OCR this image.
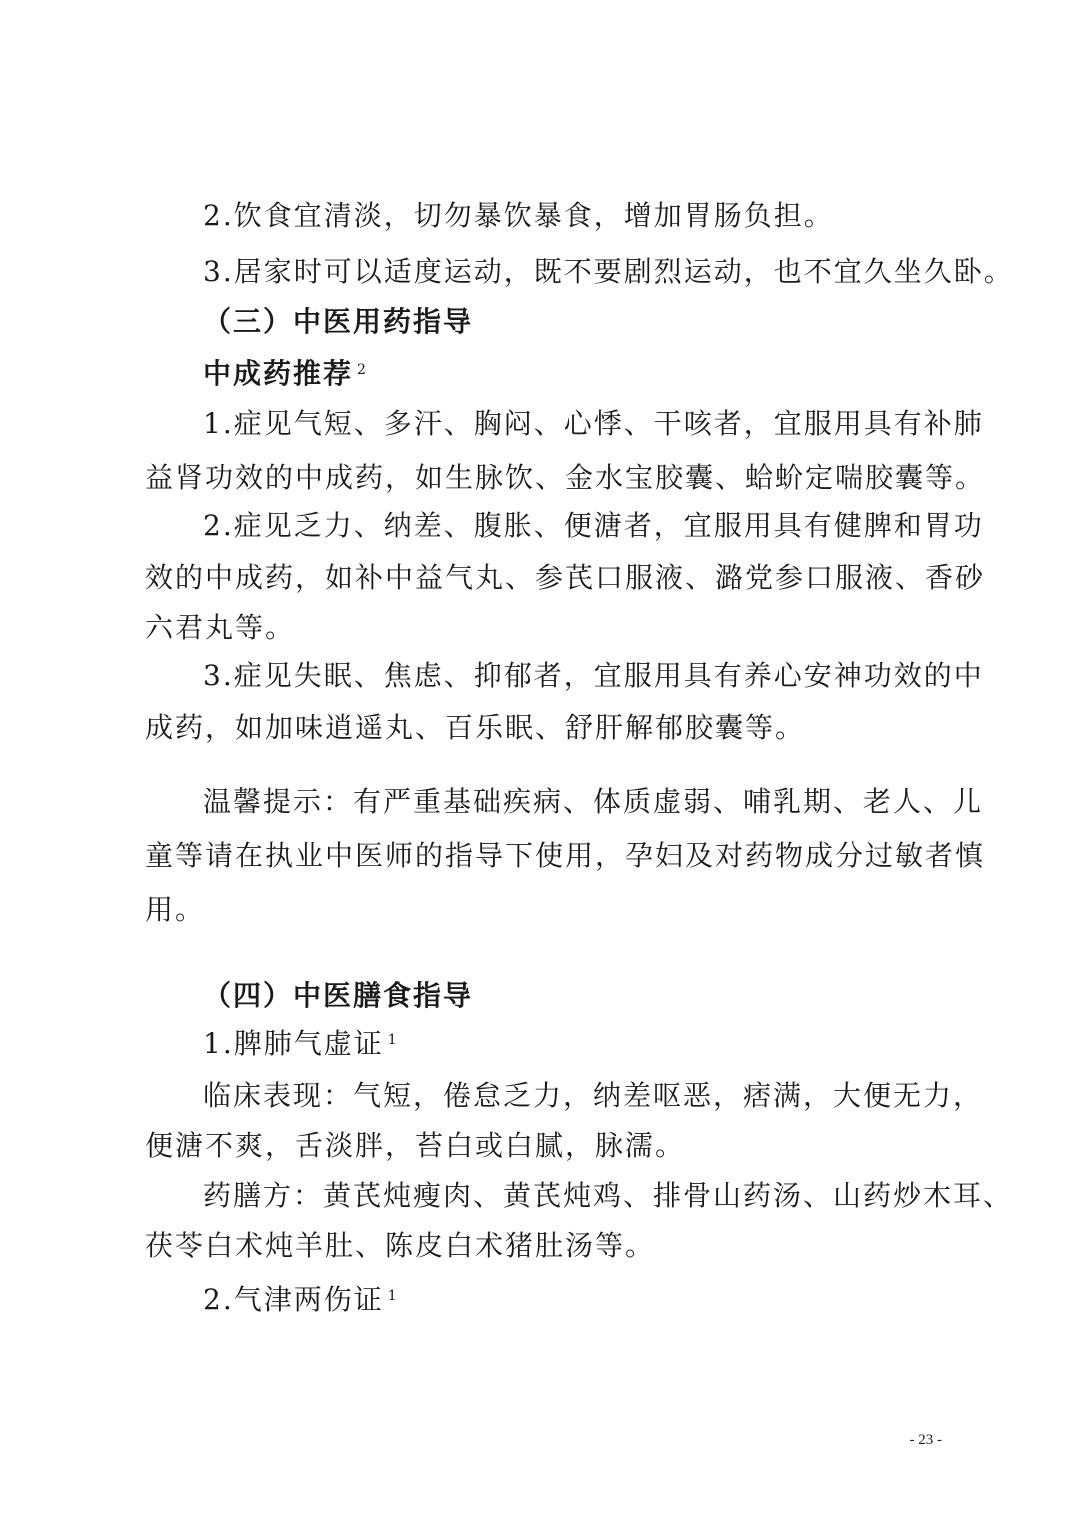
2.饮食宜清淡，切勿暴饮暴食，增加胃肠负担。
3.居家时可以适度运动，既不要剧烈运动，也不宜久坐久卧。
（三）中医用药指导
中成药推荐 $^2$
1.症见气短、多汗、胸闷、心悸、干咳者，宜服用具有补肺
益肾功效的中成药，如生脉饮、金水宝胶囊、蛤蚧定喘胶囊等。
2.症见乏力、纳差、腹胀、便溏者，宜服用具有健脾和胃功
效的中成药，如补中益气丸、参芪口服液、潞党参口服液、香砂
六君丸等。
3.症见失眠、焦虑、抑郁者，宜服用具有养心安神功效的中
成药，如加味逍遥丸、百乐眠、舒肝解郁胶囊等。
温馨提示：有严重基础疾病、体质虚弱、哺乳期、老人、儿
童等请在执业中医师的指导下使用，孕妇及对药物成分过敏者慎
用。
（四）中医膳食指导
1.脾肺气虚证 $^1$
临床表现：气短，倦怠乏力，纳差呕恶，痞满，大便无力，
便溏不爽，舌淡胖，苔白或白腻，脉濡。
药膳方：黄芪炖瘦肉、黄芪炖鸡、排骨山药汤、山药炒木耳、
茯苓白术炖羊肚、陈皮白术猪肚汤等。
2.气津两伤证 $^1$
- 23 -
